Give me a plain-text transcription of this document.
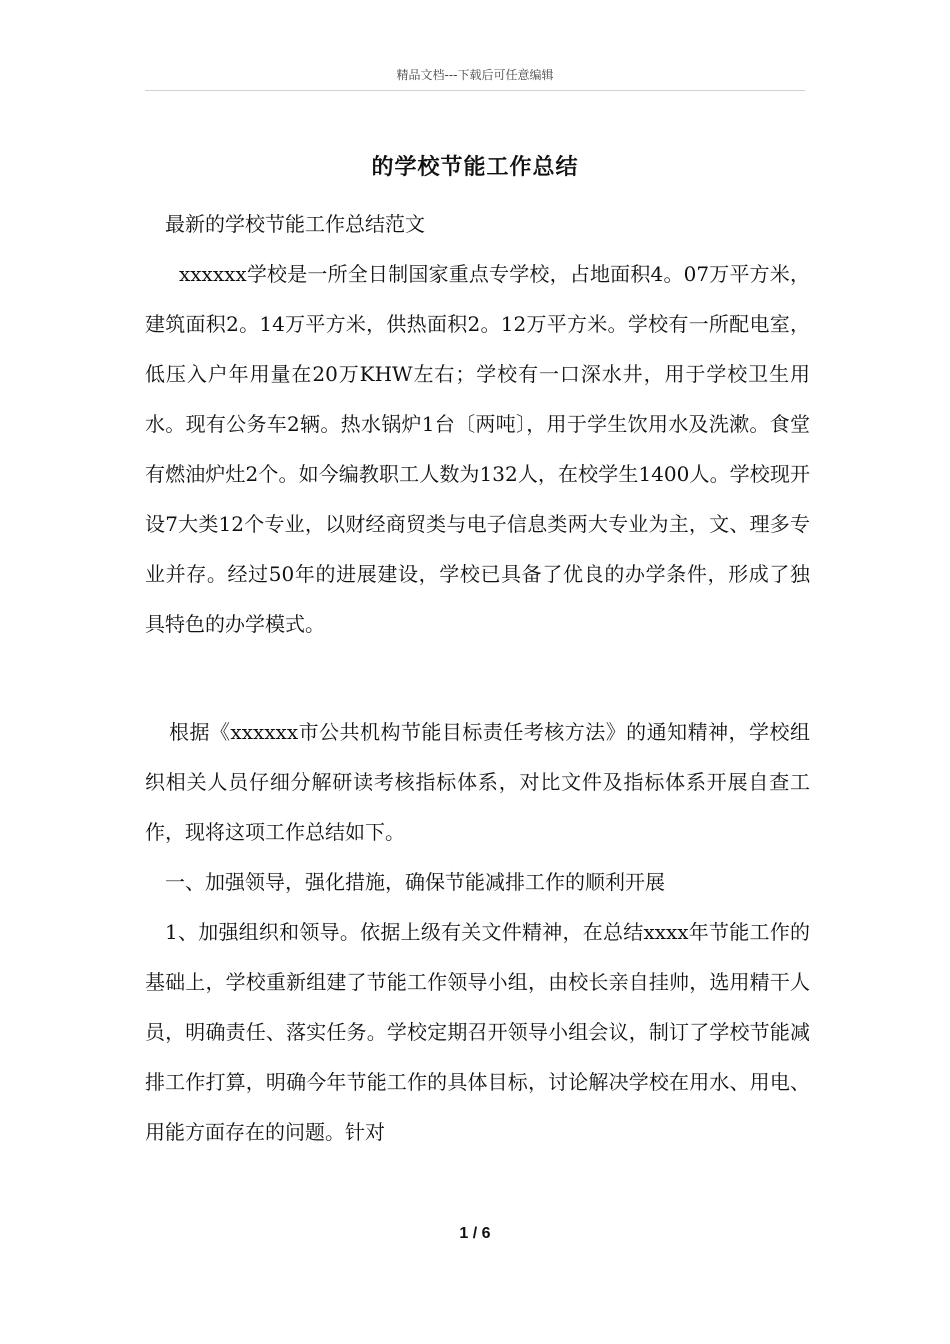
精品文档---下载后可任意编辑
的学校节能工作总结

最新的学校节能工作总结范文

xxxxxx学校是一所全日制国家重点专学校，占地面积4。07万平方米，建筑面积2。14万平方米，供热面积2。12万平方米。学校有一所配电室，低压入户年用量在20万KHW左右；学校有一口深水井，用于学校卫生用水。现有公务车2辆。热水锅炉1台〔两吨〕，用于学生饮用水及洗漱。食堂有燃油炉灶2个。如今编教职工人数为132人，在校学生1400人。学校现开设7大类12个专业，以财经商贸类与电子信息类两大专业为主，文、理多专业并存。经过50年的进展建设，学校已具备了优良的办学条件，形成了独具特色的办学模式。

根据《xxxxxx市公共机构节能目标责任考核方法》的通知精神，学校组织相关人员仔细分解研读考核指标体系，对比文件及指标体系开展自查工作，现将这项工作总结如下。

一、加强领导，强化措施，确保节能减排工作的顺利开展

1、加强组织和领导。依据上级有关文件精神，在总结xxxx年节能工作的基础上，学校重新组建了节能工作领导小组，由校长亲自挂帅，选用精干人员，明确责任、落实任务。学校定期召开领导小组会议，制订了学校节能减排工作打算，明确今年节能工作的具体目标，讨论解决学校在用水、用电、用能方面存在的问题。针对

1 / 6
